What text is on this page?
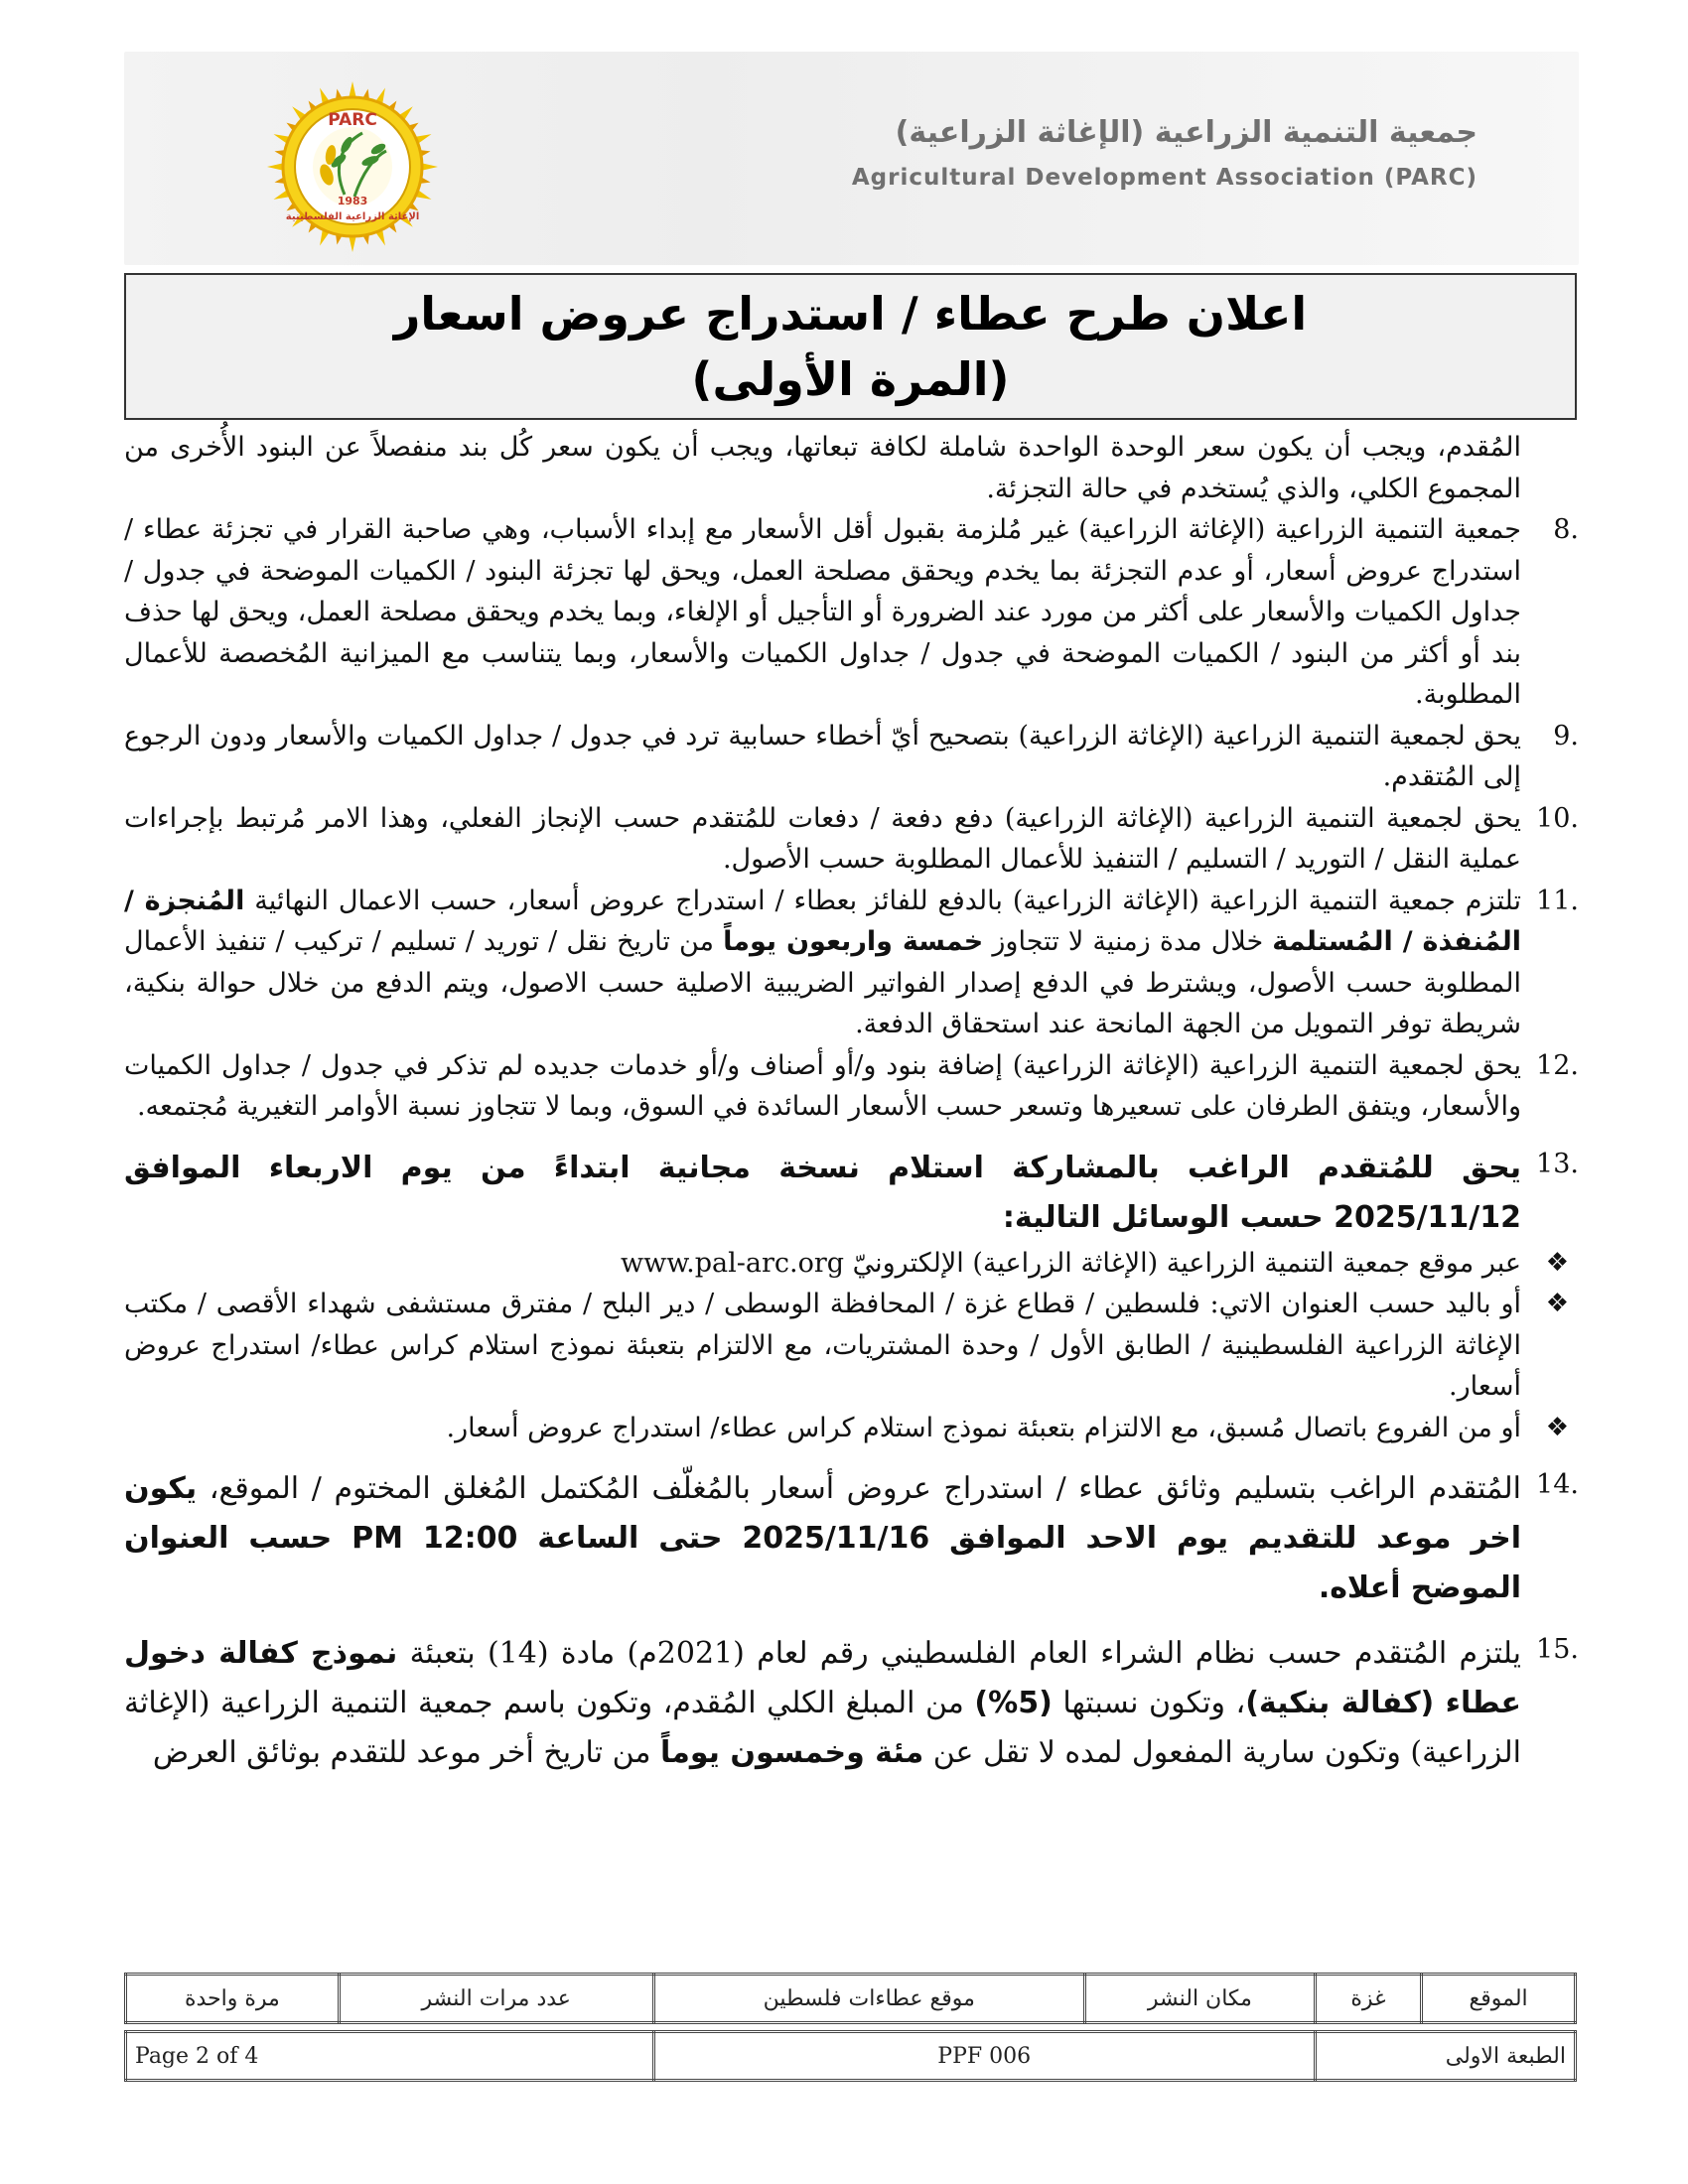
PARC
1983
الإغاثة الزراعية الفلسطينية
جمعية التنمية الزراعية (الإغاثة الزراعية)
Agricultural Development Association (PARC)
اعلان طرح عطاء / استدراج عروض اسعار
(المرة الأولى)

المُقدم، ويجب أن يكون سعر الوحدة الواحدة شاملة لكافة تبعاتها، ويجب أن يكون سعر كُل بند منفصلاً عن البنود الأُخرى من المجموع الكلي، والذي يُستخدم في حالة التجزئة.

8.

جمعية التنمية الزراعية (الإغاثة الزراعية) غير مُلزمة بقبول أقل الأسعار مع إبداء الأسباب، وهي صاحبة القرار في تجزئة عطاء / استدراج عروض أسعار، أو عدم التجزئة بما يخدم ويحقق مصلحة العمل، ويحق لها تجزئة البنود / الكميات الموضحة في جدول / جداول الكميات والأسعار على أكثر من مورد عند الضرورة أو التأجيل أو الإلغاء، وبما يخدم ويحقق مصلحة العمل، ويحق لها حذف بند أو أكثر من البنود / الكميات الموضحة في جدول / جداول الكميات والأسعار، وبما يتناسب مع الميزانية المُخصصة للأعمال المطلوبة.

9.

يحق لجمعية التنمية الزراعية (الإغاثة الزراعية) بتصحيح أيّ أخطاء حسابية ترد في جدول / جداول الكميات والأسعار ودون الرجوع إلى المُتقدم.

10.

يحق لجمعية التنمية الزراعية (الإغاثة الزراعية) دفع دفعة / دفعات للمُتقدم حسب الإنجاز الفعلي، وهذا الامر مُرتبط بإجراءات عملية النقل / التوريد / التسليم / التنفيذ للأعمال المطلوبة حسب الأصول.

11.

تلتزم جمعية التنمية الزراعية (الإغاثة الزراعية) بالدفع للفائز بعطاء / استدراج عروض أسعار، حسب الاعمال النهائية المُنجزة / المُنفذة / المُستلمة خلال مدة زمنية لا تتجاوز خمسة واربعون يوماً من تاريخ نقل / توريد / تسليم / تركيب / تنفيذ الأعمال المطلوبة حسب الأصول، ويشترط في الدفع إصدار الفواتير الضريبية الاصلية حسب الاصول، ويتم الدفع من خلال حوالة بنكية، شريطة توفر التمويل من الجهة المانحة عند استحقاق الدفعة.

12.

يحق لجمعية التنمية الزراعية (الإغاثة الزراعية) إضافة بنود و/أو أصناف و/أو خدمات جديده لم تذكر في جدول / جداول الكميات والأسعار، ويتفق الطرفان على تسعيرها وتسعر حسب الأسعار السائدة في السوق، وبما لا تتجاوز نسبة الأوامر التغيرية مُجتمعه.

13.

يحق للمُتقدم الراغب بالمشاركة استلام نسخة مجانية ابتداءً من يوم الاربعاء الموافق 2025/11/12 حسب الوسائل التالية:

❖

عبر موقع جمعية التنمية الزراعية (الإغاثة الزراعية) الإلكترونيّ www.pal-arc.org

❖

أو باليد حسب العنوان الاتي: فلسطين / قطاع غزة / المحافظة الوسطى / دير البلح / مفترق مستشفى شهداء الأقصى / مكتب الإغاثة الزراعية الفلسطينية / الطابق الأول / وحدة المشتريات، مع الالتزام بتعبئة نموذج استلام كراس عطاء/ استدراج عروض أسعار.

❖

أو من الفروع باتصال مُسبق، مع الالتزام بتعبئة نموذج استلام كراس عطاء/ استدراج عروض أسعار.

14.

المُتقدم الراغب بتسليم وثائق عطاء / استدراج عروض أسعار بالمُغلّف المُكتمل المُغلق المختوم / الموقع، يكون اخر موعد للتقديم يوم الاحد الموافق 2025/11/16 حتى الساعة 12:00 PM حسب العنوان الموضح أعلاه.

15.

يلتزم المُتقدم حسب نظام الشراء العام الفلسطيني رقم لعام (2021م) مادة (14) بتعبئة نموذج كفالة دخول عطاء (كفالة بنكية)، وتكون نسبتها (5%) من المبلغ الكلي المُقدم، وتكون باسم جمعية التنمية الزراعية (الإغاثة الزراعية) وتكون سارية المفعول لمده لا تقل عن مئة وخمسون يوماً من تاريخ أخر موعد للتقدم بوثائق العرض

الموقع	غزة	مكان النشر	موقع عطاءات فلسطين	عدد مرات النشر	مرة واحدة

الطبعة الاولى		PPF 006		Page 2 of 4	
